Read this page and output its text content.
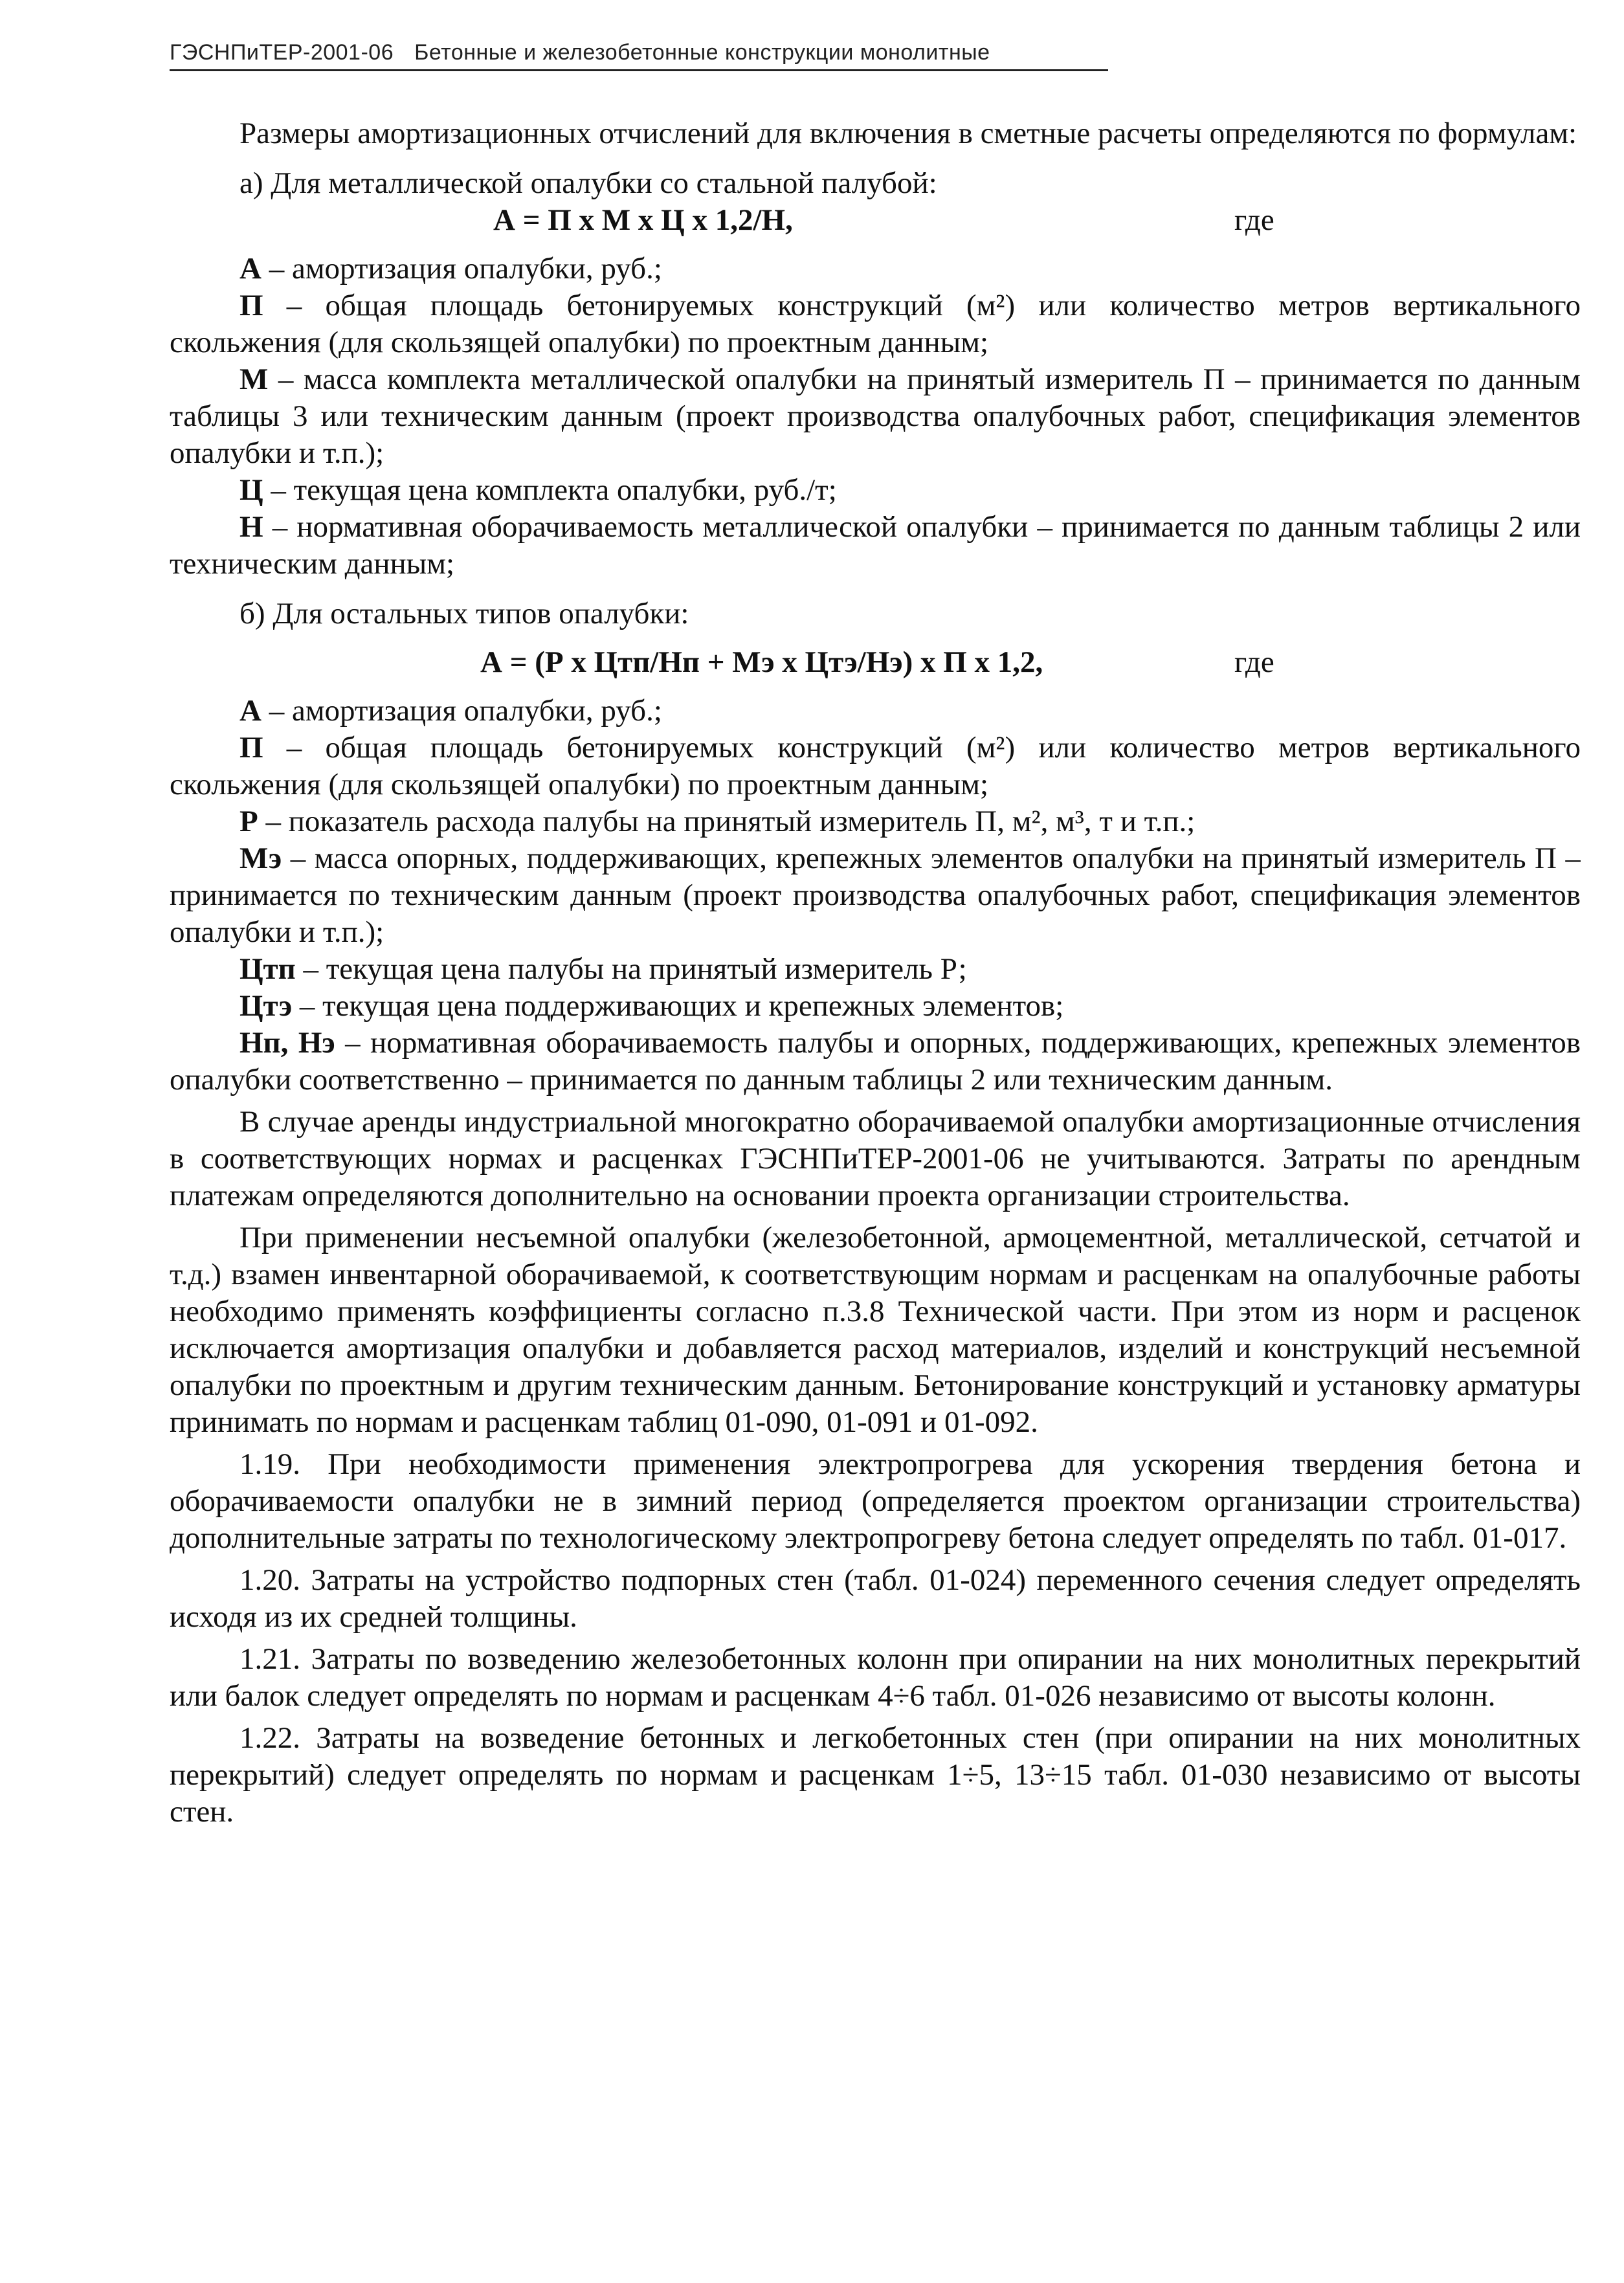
ГЭСНПиТЕР-2001-06 Бетонные и железобетонные конструкции монолитные
Размеры амортизационных отчислений для включения в сметные расчеты определяются по формулам:
а) Для металлической опалубки со стальной палубой:
А = П х М х Ц х 1,2/Н,	где
А – амортизация опалубки, руб.;
П – общая площадь бетонируемых конструкций (м²) или количество метров вертикального скольжения (для скользящей опалубки) по проектным данным;
М – масса комплекта металлической опалубки на принятый измеритель П – принимается по данным таблицы 3 или техническим данным (проект производства опалубочных работ, спецификация элементов опалубки и т.п.);
Ц – текущая цена комплекта опалубки, руб./т;
Н – нормативная оборачиваемость металлической опалубки – принимается по данным таблицы 2 или техническим данным;
б) Для остальных типов опалубки:
А = (Р х Цтп/Нп + Мэ х Цтэ/Нэ) х П х 1,2,	где
А – амортизация опалубки, руб.;
П – общая площадь бетонируемых конструкций (м²) или количество метров вертикального скольжения (для скользящей опалубки) по проектным данным;
Р – показатель расхода палубы на принятый измеритель П, м², м³, т и т.п.;
Мэ – масса опорных, поддерживающих, крепежных элементов опалубки на принятый измеритель П – принимается по техническим данным (проект производства опалубочных работ, спецификация элементов опалубки и т.п.);
Цтп – текущая цена палубы на принятый измеритель Р;
Цтэ – текущая цена поддерживающих и крепежных элементов;
Нп, Нэ – нормативная оборачиваемость палубы и опорных, поддерживающих, крепежных элементов опалубки соответственно – принимается по данным таблицы 2 или техническим данным.
В случае аренды индустриальной многократно оборачиваемой опалубки амортизационные отчисления в соответствующих нормах и расценках ГЭСНПиТЕР-2001-06 не учитываются. Затраты по арендным платежам определяются дополнительно на основании проекта организации строительства.
При применении несъемной опалубки (железобетонной, армоцементной, металлической, сетчатой и т.д.) взамен инвентарной оборачиваемой, к соответствующим нормам и расценкам на опалубочные работы необходимо применять коэффициенты согласно п.3.8 Технической части. При этом из норм и расценок исключается амортизация опалубки и добавляется расход материалов, изделий и конструкций несъемной опалубки по проектным и другим техническим данным. Бетонирование конструкций и установку арматуры принимать по нормам и расценкам таблиц 01-090, 01-091 и 01-092.
1.19. При необходимости применения электропрогрева для ускорения твердения бетона и оборачиваемости опалубки не в зимний период (определяется проектом организации строительства) дополнительные затраты по технологическому электропрогреву бетона следует определять по табл. 01-017.
1.20. Затраты на устройство подпорных стен (табл. 01-024) переменного сечения следует определять исходя из их средней толщины.
1.21. Затраты по возведению железобетонных колонн при опирании на них монолитных перекрытий или балок следует определять по нормам и расценкам 4÷6 табл. 01-026 независимо от высоты колонн.
1.22. Затраты на возведение бетонных и легкобетонных стен (при опирании на них монолитных перекрытий) следует определять по нормам и расценкам 1÷5, 13÷15 табл. 01-030 независимо от высоты стен.
